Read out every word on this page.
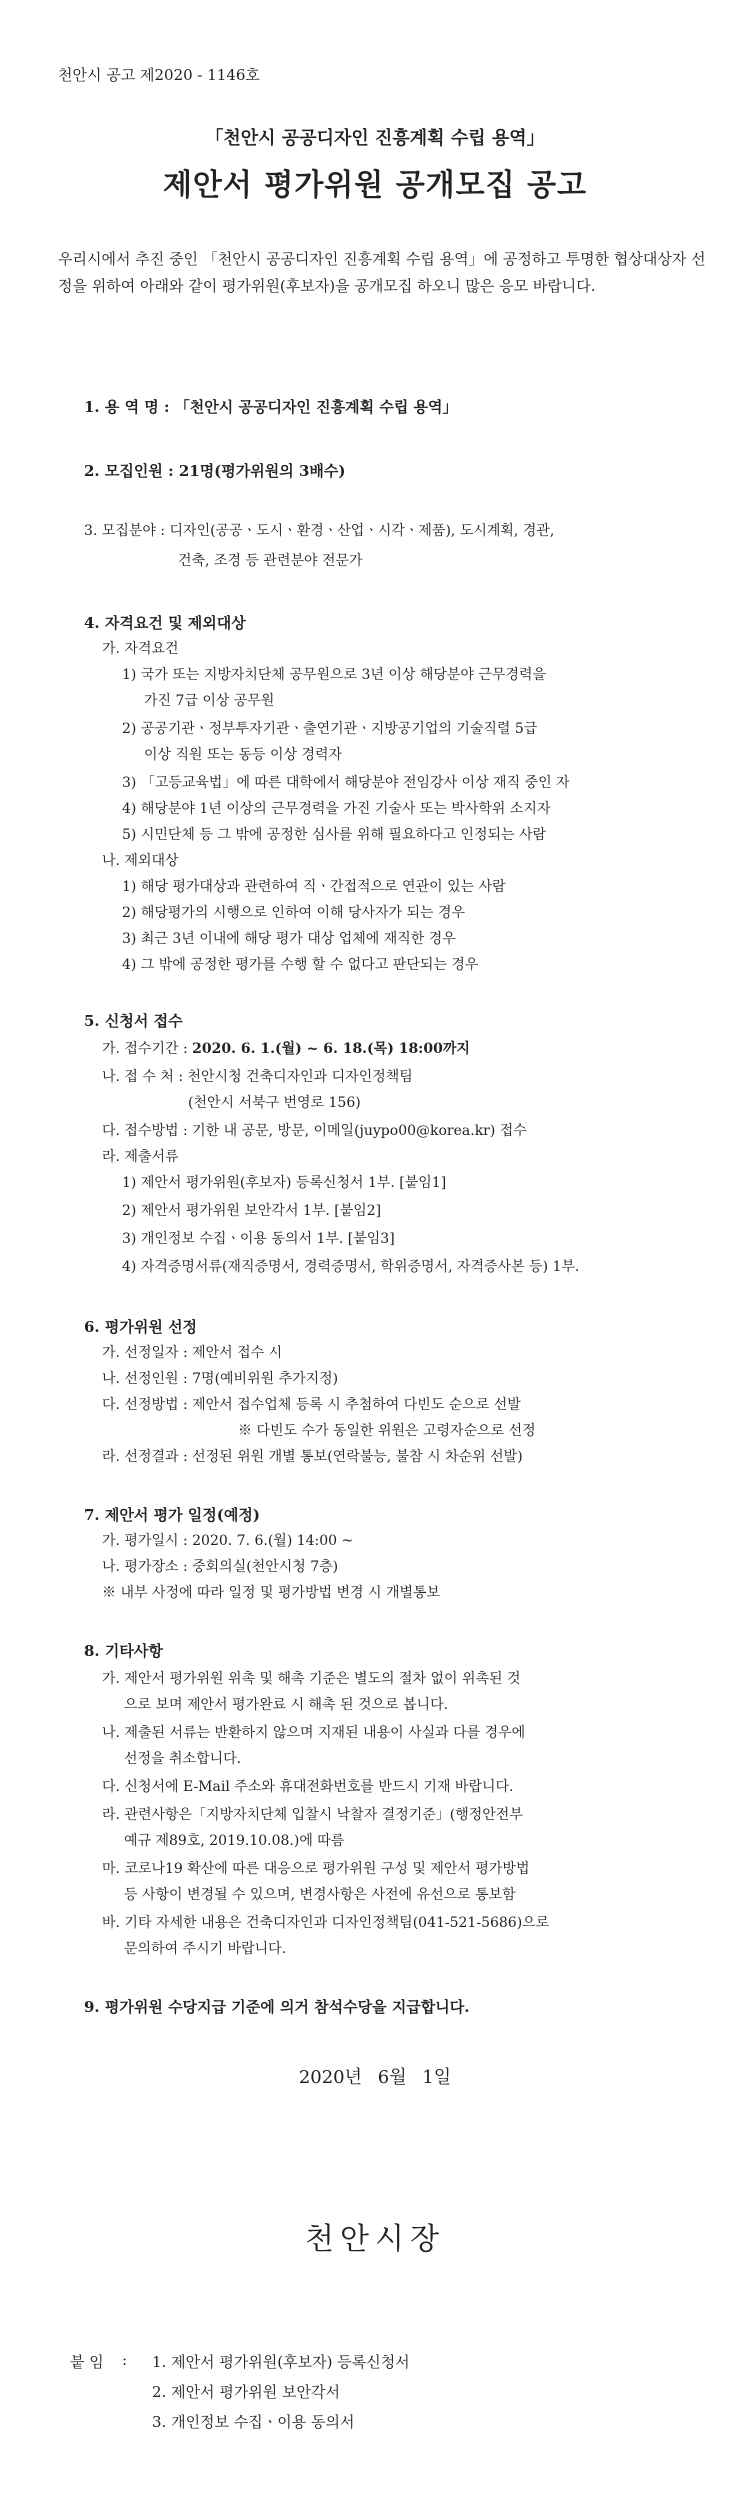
천안시 공고 제2020 - 1146호
「천안시 공공디자인 진흥계획 수립 용역」
제안서 평가위원 공개모집 공고
우리시에서 추진 중인 「천안시 공공디자인 진흥계획 수립 용역」에 공정하고 투명한 협상대상자 선정을 위하여 아래와 같이 평가위원(후보자)을 공개모집 하오니 많은 응모 바랍니다.
1. 용 역 명 : 「천안시 공공디자인 진흥계획 수립 용역」
2. 모집인원 : 21명(평가위원의 3배수)
3. 모집분야 : 디자인(공공ㆍ도시ㆍ환경ㆍ산업ㆍ시각ㆍ제품), 도시계획, 경관,
건축, 조경 등 관련분야 전문가
4. 자격요건 및 제외대상
가. 자격요건
1) 국가 또는 지방자치단체 공무원으로 3년 이상 해당분야 근무경력을
가진 7급 이상 공무원
2) 공공기관ㆍ정부투자기관ㆍ출연기관ㆍ지방공기업의 기술직렬 5급
이상 직원 또는 동등 이상 경력자
3) 「고등교육법」에 따른 대학에서 해당분야 전임강사 이상 재직 중인 자
4) 해당분야 1년 이상의 근무경력을 가진 기술사 또는 박사학위 소지자
5) 시민단체 등 그 밖에 공정한 심사를 위해 필요하다고 인정되는 사람
나. 제외대상
1) 해당 평가대상과 관련하여 직ㆍ간접적으로 연관이 있는 사람
2) 해당평가의 시행으로 인하여 이해 당사자가 되는 경우
3) 최근 3년 이내에 해당 평가 대상 업체에 재직한 경우
4) 그 밖에 공정한 평가를 수행 할 수 없다고 판단되는 경우
5. 신청서 접수
가. 접수기간 : 2020. 6. 1.(월) ~ 6. 18.(목) 18:00까지
나. 접 수 처 : 천안시청 건축디자인과 디자인정책팀
(천안시 서북구 번영로 156)
다. 접수방법 : 기한 내 공문, 방문, 이메일(juypo00@korea.kr) 접수
라. 제출서류
1) 제안서 평가위원(후보자) 등록신청서 1부. [붙임1]
2) 제안서 평가위원 보안각서 1부. [붙임2]
3) 개인정보 수집ㆍ이용 동의서 1부. [붙임3]
4) 자격증명서류(재직증명서, 경력증명서, 학위증명서, 자격증사본 등) 1부.
6. 평가위원 선정
가. 선정일자 : 제안서 접수 시
나. 선정인원 : 7명(예비위원 추가지정)
다. 선정방법 : 제안서 접수업체 등록 시 추첨하여 다빈도 순으로 선발
※ 다빈도 수가 동일한 위원은 고령자순으로 선정
라. 선정결과 : 선정된 위원 개별 통보(연락불능, 불참 시 차순위 선발)
7. 제안서 평가 일정(예정)
가. 평가일시 : 2020. 7. 6.(월) 14:00 ~
나. 평가장소 : 중회의실(천안시청 7층)
※ 내부 사정에 따라 일정 및 평가방법 변경 시 개별통보
8. 기타사항
가. 제안서 평가위원 위촉 및 해촉 기준은 별도의 절차 없이 위촉된 것
으로 보며 제안서 평가완료 시 해촉 된 것으로 봅니다.
나. 제출된 서류는 반환하지 않으며 지재된 내용이 사실과 다를 경우에
선정을 취소합니다.
다. 신청서에 E-Mail 주소와 휴대전화번호를 반드시 기재 바랍니다.
라. 관련사항은「지방자치단체 입찰시 낙찰자 결정기준」(행정안전부
예규 제89호, 2019.10.08.)에 따름
마. 코로나19 확산에 따른 대응으로 평가위원 구성 및 제안서 평가방법
등 사항이 변경될 수 있으며, 변경사항은 사전에 유선으로 통보함
바. 기타 자세한 내용은 건축디자인과 디자인정책팀(041-521-5686)으로
문의하여 주시기 바랍니다.
9. 평가위원 수당지급 기준에 의거 참석수당을 지급합니다.
2020년 6월 1일
천안시장
붙 임 : 1. 제안서 평가위원(후보자) 등록신청서
2. 제안서 평가위원 보안각서
3. 개인정보 수집ㆍ이용 동의서
